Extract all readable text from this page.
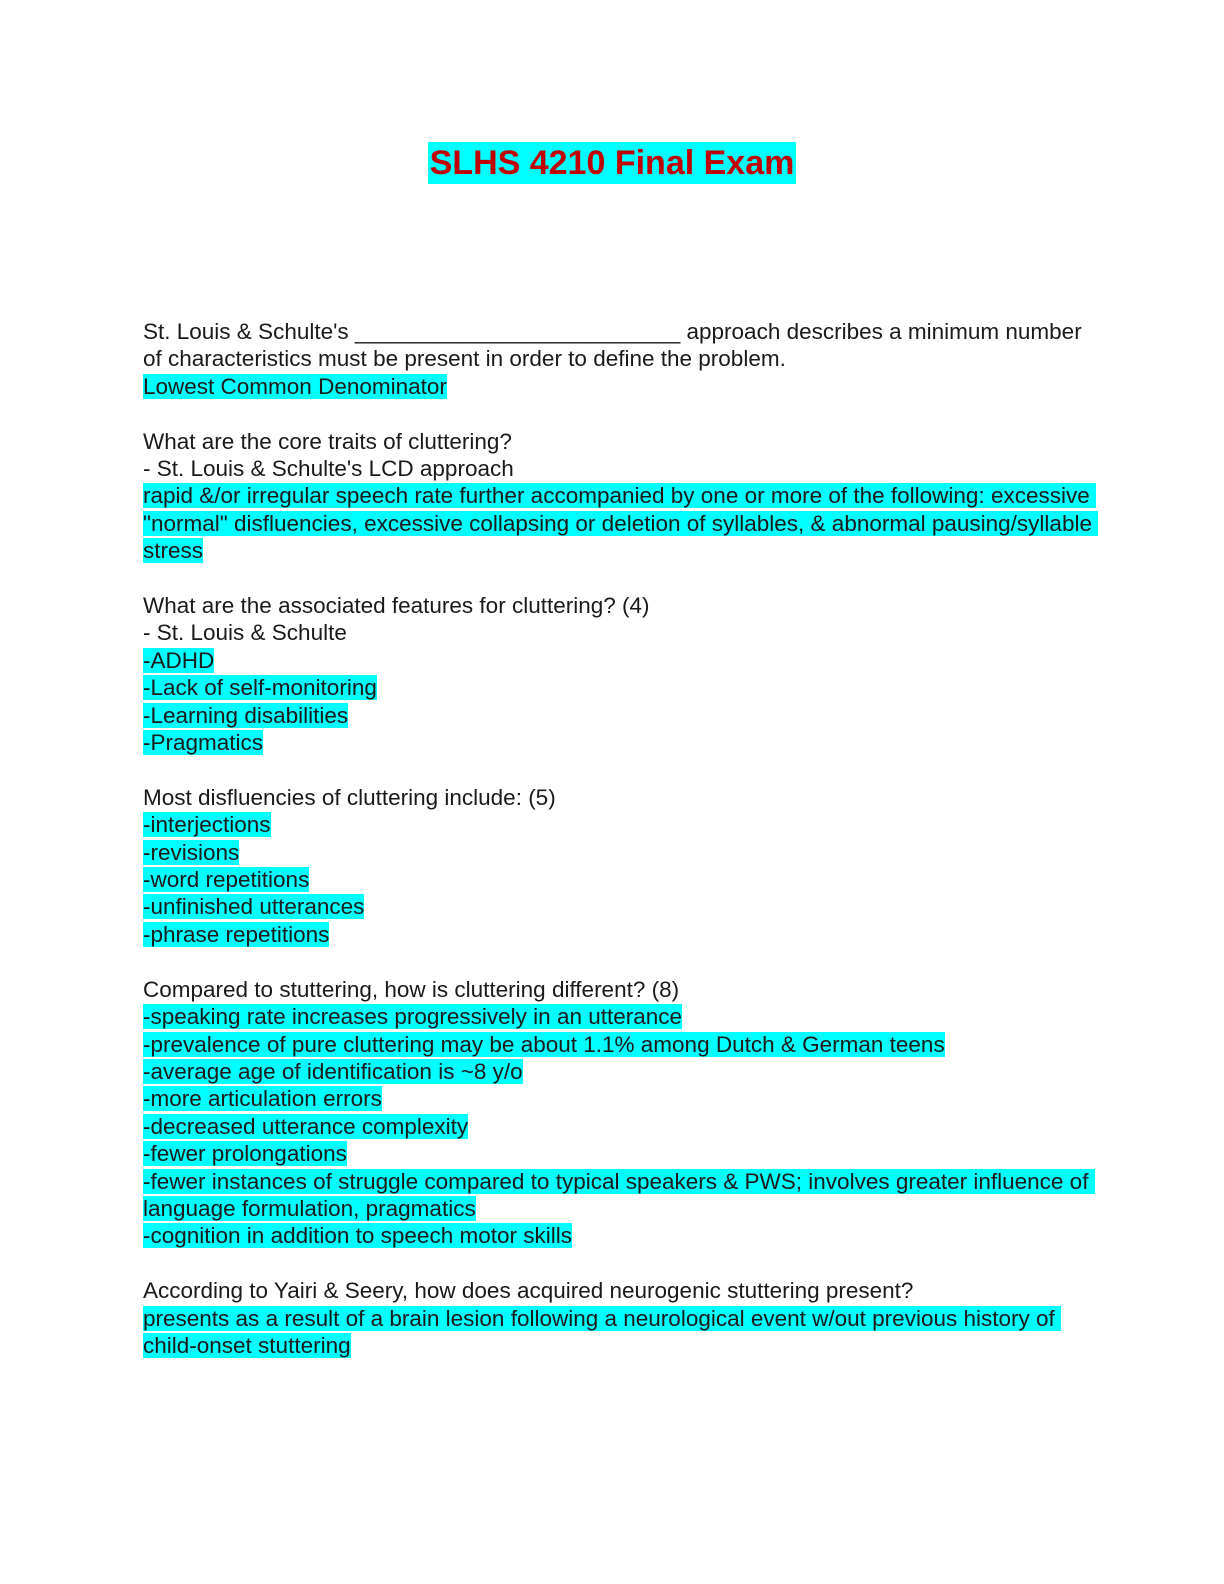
SLHS 4210 Final Exam
St. Louis & Schulte's __________________________ approach describes a minimum number of characteristics must be present in order to define the problem.
Lowest Common Denominator
What are the core traits of cluttering?
- St. Louis & Schulte's LCD approach
rapid &/or irregular speech rate further accompanied by one or more of the following: excessive "normal" disfluencies, excessive collapsing or deletion of syllables, & abnormal pausing/syllable stress
What are the associated features for cluttering? (4)
- St. Louis & Schulte
-ADHD
-Lack of self-monitoring
-Learning disabilities
-Pragmatics
Most disfluencies of cluttering include: (5)
-interjections
-revisions
-word repetitions
-unfinished utterances
-phrase repetitions
Compared to stuttering, how is cluttering different? (8)
-speaking rate increases progressively in an utterance
-prevalence of pure cluttering may be about 1.1% among Dutch & German teens
-average age of identification is ~8 y/o
-more articulation errors
-decreased utterance complexity
-fewer prolongations
-fewer instances of struggle compared to typical speakers & PWS; involves greater influence of language formulation, pragmatics
-cognition in addition to speech motor skills
According to Yairi & Seery, how does acquired neurogenic stuttering present?
presents as a result of a brain lesion following a neurological event w/out previous history of child-onset stuttering
